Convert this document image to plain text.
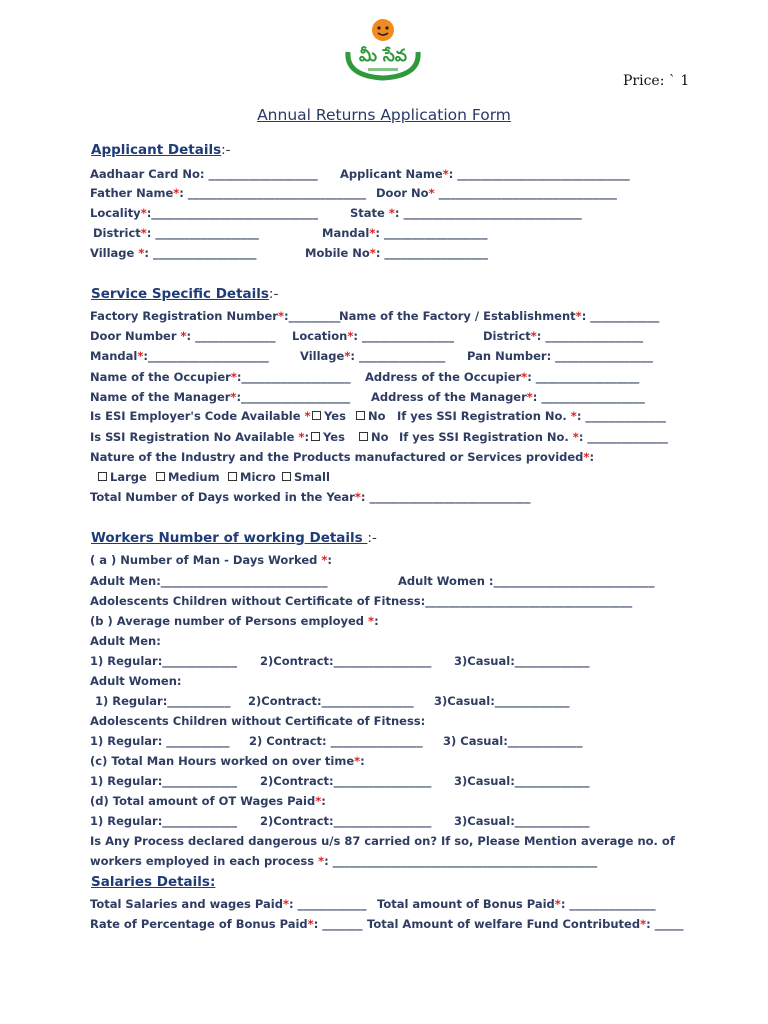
మీ సేవ
Price: ` 1
Annual Returns Application Form
Applicant Details:-
Aadhaar Card No: ___________________ Applicant Name*: ______________________________
Father Name*: _______________________________ Door No* _______________________________
Locality*:_____________________________	State *: _______________________________
District*: __________________	Mandal*: __________________
Village *: __________________	Mobile No*: __________________
Service Specific Details:-
Factory Registration Number*:_________
Name of the Factory / Establishment*: ____________
Door Number *: ______________ Location*: ________________	District*: _________________
Mandal*:_____________________	Village*: _______________ Pan Number: _________________
Name of the Occupier*:___________________ Address of the Occupier*: __________________
Name of the Manager*:___________________ Address of the Manager*: __________________
Is ESI Employer's Code Available *	Yes	No If yes SSI Registration No. *: ______________
Is SSI Registration No Available *:	Yes	No If yes SSI Registration No. *: ______________
Nature of the Industry and the Products manufactured or Services provided*:
Large	Medium	Micro	Small
Total Number of Days worked in the Year*: ____________________________
Workers Number of working Details :-
( a ) Number of Man - Days Worked *:
Adult Men:_____________________________	Adult Women :____________________________
Adolescents Children without Certificate of Fitness:____________________________________
(b ) Average number of Persons employed *:
Adult Men:
1) Regular:_____________ 2)Contract:_________________ 3)Casual:_____________
Adult Women:
1) Regular:___________ 2)Contract:________________ 3)Casual:_____________
Adolescents Children without Certificate of Fitness:
1) Regular: ___________ 2) Contract: ________________ 3) Casual:_____________
(c) Total Man Hours worked on over time*:
1) Regular:_____________ 2)Contract:_________________ 3)Casual:_____________
(d) Total amount of OT Wages Paid*:
1) Regular:_____________ 2)Contract:_________________ 3)Casual:_____________
Is Any Process declared dangerous u/s 87 carried on? If so, Please Mention average no. of
workers employed in each process *: ______________________________________________
Salaries Details:
Total Salaries and wages Paid*: ____________ Total amount of Bonus Paid*: _______________
Rate of Percentage of Bonus Paid*: _______ Total Amount of welfare Fund Contributed*: _____
